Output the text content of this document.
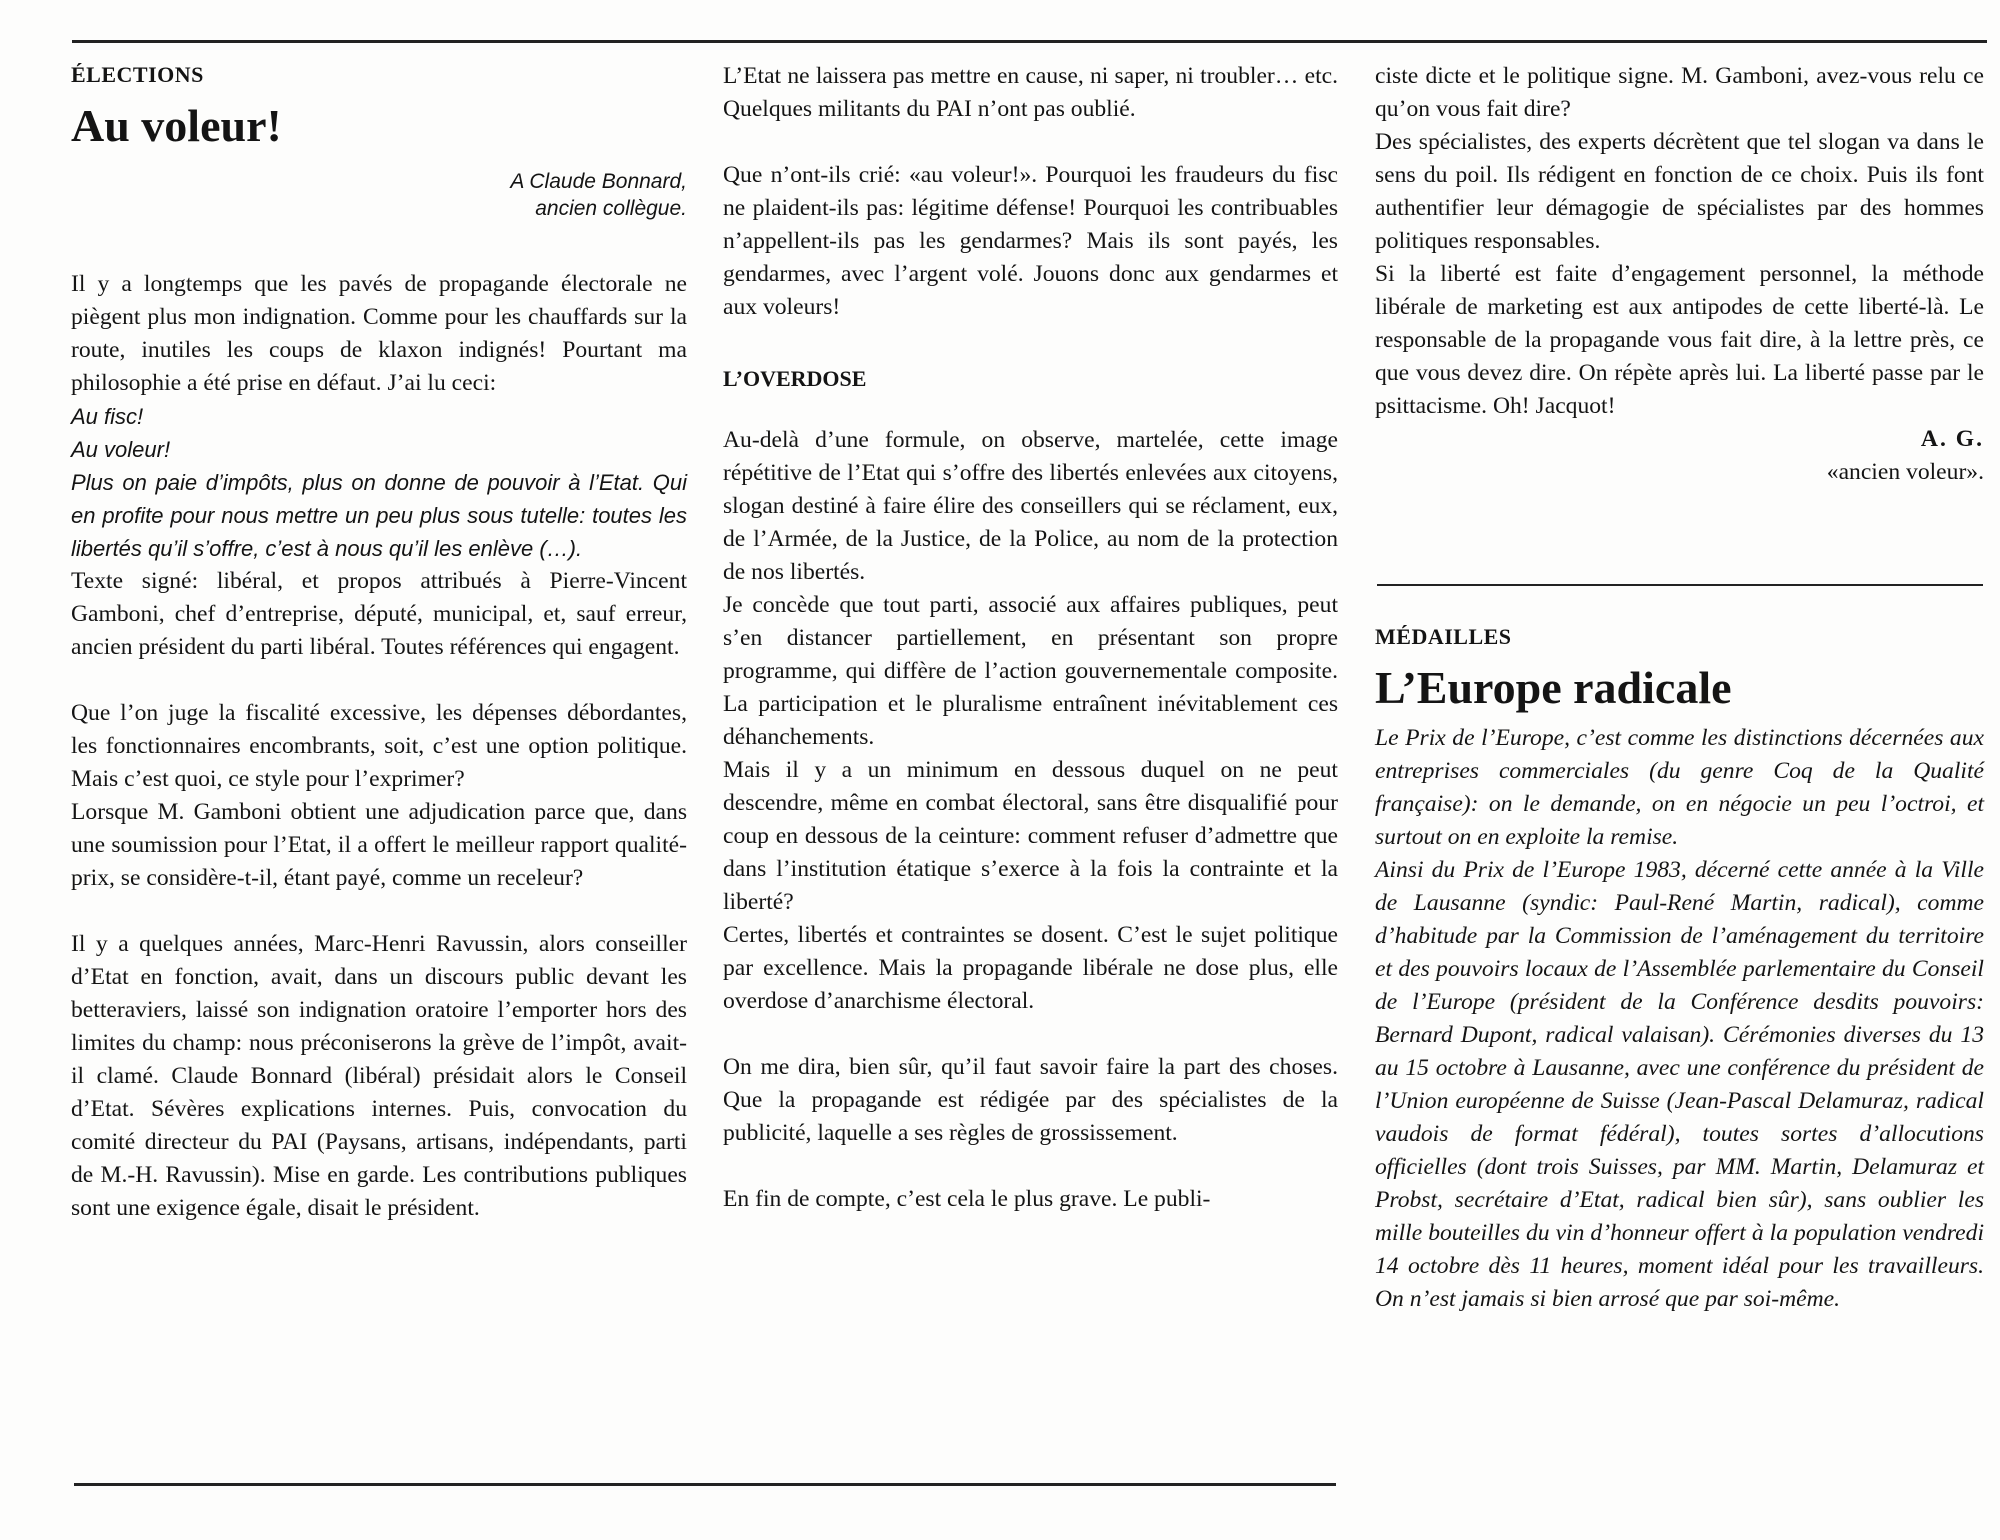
ÉLECTIONS

Au voleur!
A Claude Bonnard,
ancien collègue.

Il y a longtemps que les pavés de propagande électorale ne piègent plus mon indignation. Comme pour les chauffards sur la route, inutiles les coups de klaxon indignés! Pourtant ma philosophie a été prise en défaut. J’ai lu ceci:

Au fisc!

Au voleur!

Plus on paie d’impôts, plus on donne de pouvoir à l’Etat. Qui en profite pour nous mettre un peu plus sous tutelle: toutes les libertés qu’il s’offre, c’est à nous qu’il les enlève (…).

Texte signé: libéral, et propos attribués à Pierre-Vincent Gamboni, chef d’entreprise, député, municipal, et, sauf erreur, ancien président du parti libéral. Toutes références qui engagent.

Que l’on juge la fiscalité excessive, les dépenses débordantes, les fonctionnaires encombrants, soit, c’est une option politique. Mais c’est quoi, ce style pour l’exprimer?

Lorsque M. Gamboni obtient une adjudication parce que, dans une soumission pour l’Etat, il a offert le meilleur rapport qualité-prix, se considère-t-il, étant payé, comme un receleur?

Il y a quelques années, Marc-Henri Ravussin, alors conseiller d’Etat en fonction, avait, dans un discours public devant les betteraviers, laissé son indignation oratoire l’emporter hors des limites du champ: nous préconiserons la grève de l’impôt, avait-il clamé. Claude Bonnard (libéral) présidait alors le Conseil d’Etat. Sévères explications internes. Puis, convocation du comité directeur du PAI (Paysans, artisans, indépendants, parti de M.-H. Ravussin). Mise en garde. Les contributions publiques sont une exigence égale, disait le président.

L’Etat ne laissera pas mettre en cause, ni saper, ni troubler… etc. Quelques militants du PAI n’ont pas oublié.

Que n’ont-ils crié: «au voleur!». Pourquoi les fraudeurs du fisc ne plaident-ils pas: légitime défense! Pourquoi les contribuables n’appellent-ils pas les gendarmes? Mais ils sont payés, les gendarmes, avec l’argent volé. Jouons donc aux gendarmes et aux voleurs!

L’OVERDOSE

Au-delà d’une formule, on observe, martelée, cette image répétitive de l’Etat qui s’offre des libertés enlevées aux citoyens, slogan destiné à faire élire des conseillers qui se réclament, eux, de l’Armée, de la Justice, de la Police, au nom de la protection de nos libertés.

Je concède que tout parti, associé aux affaires publiques, peut s’en distancer partiellement, en présentant son propre programme, qui diffère de l’action gouvernementale composite. La participation et le pluralisme entraînent inévitablement ces déhanchements.

Mais il y a un minimum en dessous duquel on ne peut descendre, même en combat électoral, sans être disqualifié pour coup en dessous de la ceinture: comment refuser d’admettre que dans l’institution étatique s’exerce à la fois la contrainte et la liberté?

Certes, libertés et contraintes se dosent. C’est le sujet politique par excellence. Mais la propagande libérale ne dose plus, elle overdose d’anarchisme électoral.

On me dira, bien sûr, qu’il faut savoir faire la part des choses. Que la propagande est rédigée par des spécialistes de la publicité, laquelle a ses règles de grossissement.

En fin de compte, c’est cela le plus grave. Le publi-

ciste dicte et le politique signe. M. Gamboni, avez-vous relu ce qu’on vous fait dire?

Des spécialistes, des experts décrètent que tel slogan va dans le sens du poil. Ils rédigent en fonction de ce choix. Puis ils font authentifier leur démagogie de spécialistes par des hommes politiques responsables.

Si la liberté est faite d’engagement personnel, la méthode libérale de marketing est aux antipodes de cette liberté-là. Le responsable de la propagande vous fait dire, à la lettre près, ce que vous devez dire. On répète après lui. La liberté passe par le psittacisme. Oh! Jacquot!

A. G.
«ancien voleur».

MÉDAILLES

L’Europe radicale

Le Prix de l’Europe, c’est comme les distinctions décernées aux entreprises commerciales (du genre Coq de la Qualité française): on le demande, on en négocie un peu l’octroi, et surtout on en exploite la remise.

Ainsi du Prix de l’Europe 1983, décerné cette année à la Ville de Lausanne (syndic: Paul-René Martin, radical), comme d’habitude par la Commission de l’aménagement du territoire et des pouvoirs locaux de l’Assemblée parlementaire du Conseil de l’Europe (président de la Conférence desdits pouvoirs: Bernard Dupont, radical valaisan). Cérémonies diverses du 13 au 15 octobre à Lausanne, avec une conférence du président de l’Union européenne de Suisse (Jean-Pascal Delamuraz, radical vaudois de format fédéral), toutes sortes d’allocutions officielles (dont trois Suisses, par MM. Martin, Delamuraz et Probst, secrétaire d’Etat, radical bien sûr), sans oublier les mille bouteilles du vin d’honneur offert à la population vendredi 14 octobre dès 11 heures, moment idéal pour les travailleurs. On n’est jamais si bien arrosé que par soi-même.
